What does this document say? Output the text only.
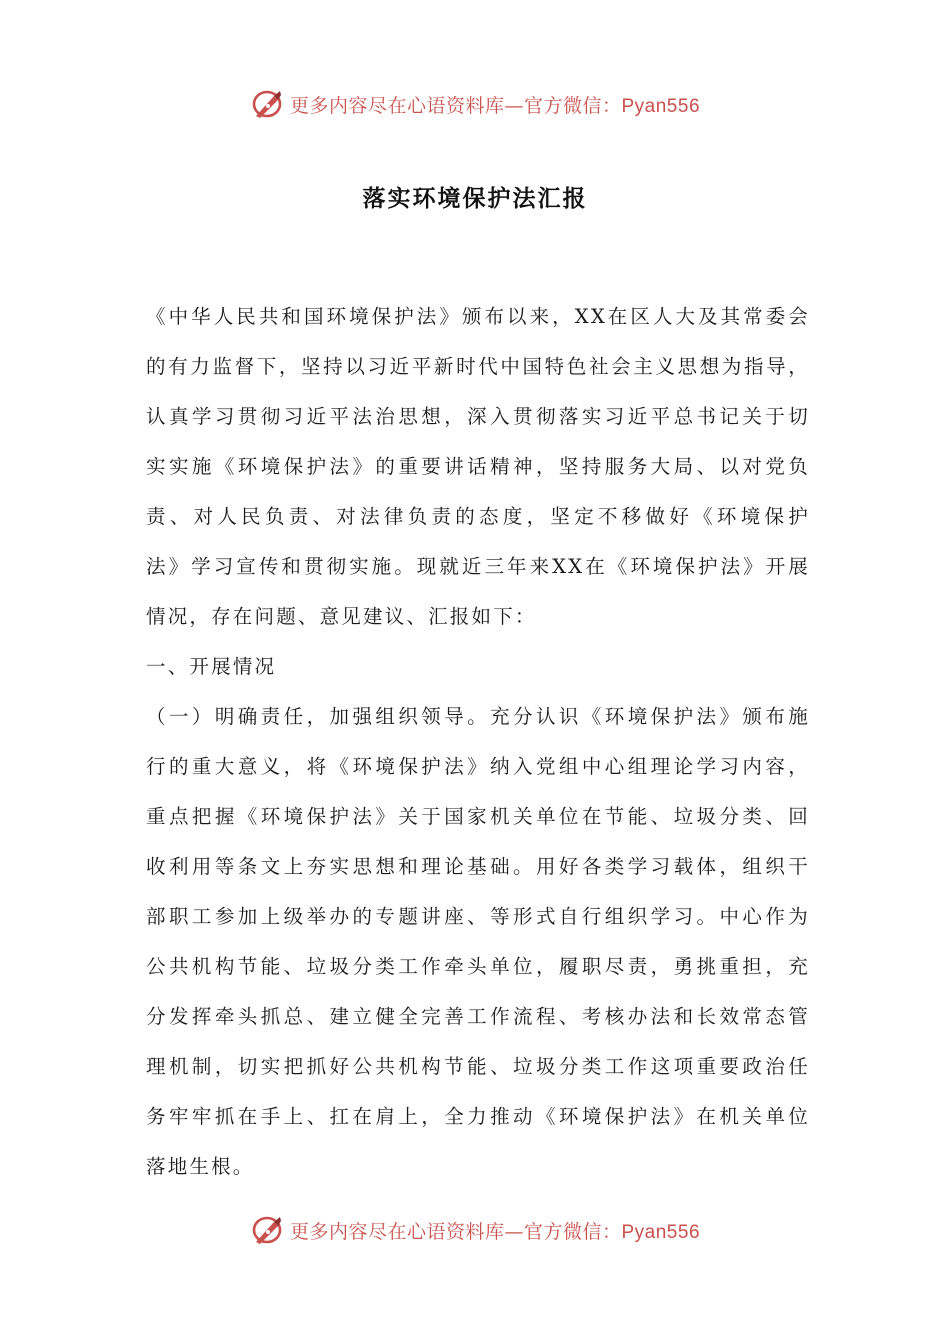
更多内容尽在心语资料库—官方微信：Pyan556
落实环境保护法汇报
《中华人民共和国环境保护法》颁布以来，XX在区人大及其常委会
的有力监督下，坚持以习近平新时代中国特色社会主义思想为指导，
认真学习贯彻习近平法治思想，深入贯彻落实习近平总书记关于切
实实施《环境保护法》的重要讲话精神，坚持服务大局、以对党负
责、对人民负责、对法律负责的态度，坚定不移做好《环境保护
法》学习宣传和贯彻实施。现就近三年来XX在《环境保护法》开展
情况，存在问题、意见建议、汇报如下：
一、开展情况
（一）明确责任，加强组织领导。充分认识《环境保护法》颁布施
行的重大意义，将《环境保护法》纳入党组中心组理论学习内容，
重点把握《环境保护法》关于国家机关单位在节能、垃圾分类、回
收利用等条文上夯实思想和理论基础。用好各类学习载体，组织干
部职工参加上级举办的专题讲座、等形式自行组织学习。中心作为
公共机构节能、垃圾分类工作牵头单位，履职尽责，勇挑重担，充
分发挥牵头抓总、建立健全完善工作流程、考核办法和长效常态管
理机制，切实把抓好公共机构节能、垃圾分类工作这项重要政治任
务牢牢抓在手上、扛在肩上，全力推动《环境保护法》在机关单位
落地生根。
更多内容尽在心语资料库—官方微信：Pyan556
